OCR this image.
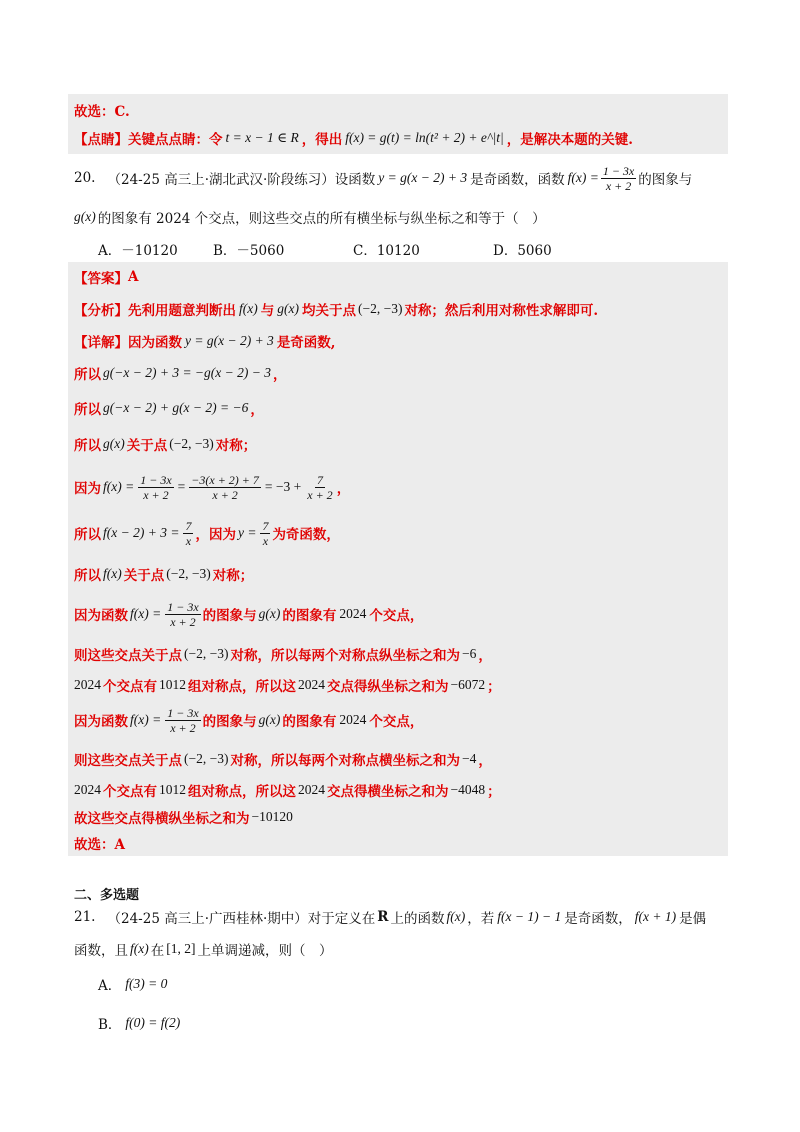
故选：C.
【点睛】 关键点点睛：令 t = x − 1 ∈ R ，得出 f(x) = g(t) = ln(t² + 2) + e^|t| ，是解决本题的关键.
20. （24-25 高三上·湖北武汉·阶段练习）设函数 y = g(x − 2) + 3 是奇函数，函数 $f(x) = \frac{1 - 3x}{x + 2}$ 的图象与
g(x) 的图象有 2024 个交点，则这些交点的所有横坐标与纵坐标之和等于（　）
A．－10120	B．－5060	C．10120	D．5060
【答案】 A
【分析】 先利用题意判断出 f(x) 与 g(x) 均关于点 (−2, −3) 对称；然后利用对称性求解即可.
【详解】 因为函数 y = g(x − 2) + 3 是奇函数,
所以 g(−x − 2) + 3 = −g(x − 2) − 3 ，
所以 g(−x − 2) + g(x − 2) = −6 ，
所以 g(x) 关于点 (−2, −3) 对称；
因为 $f(x) = \frac{1 - 3x}{x + 2} = \frac{-3(x + 2) + 7}{x + 2} = -3 + \frac{7}{x + 2}$ ，
所以 $f(x - 2) + 3 = \frac{7}{x}$ ，因为 $y = \frac{7}{x}$ 为奇函数，
所以 f(x) 关于点 (−2, −3) 对称；
因为函数 $f(x) = \frac{1 - 3x}{x + 2}$ 的图象与 g(x) 的图象有 2024 个交点，
则这些交点关于点 (−2, −3) 对称，所以每两个对称点纵坐标之和为 −6 ，
2024 个交点有 1012 组对称点，所以这 2024 交点得纵坐标之和为 −6072 ；
因为函数 $f(x) = \frac{1 - 3x}{x + 2}$ 的图象与 g(x) 的图象有 2024 个交点，
则这些交点关于点 (−2, −3) 对称，所以每两个对称点横坐标之和为 −4 ，
2024 个交点有 1012 组对称点，所以这 2024 交点得横坐标之和为 −4048 ；
故这些交点得横纵坐标之和为 −10120
故选：A
二、多选题
21. （24-25 高三上·广西桂林·期中）对于定义在 R 上的函数 f(x) ，若 f(x − 1) − 1 是奇函数， f(x + 1) 是偶
函数，且 f(x) 在 [1, 2] 上单调递减，则（　）
A． f(3) = 0
B． f(0) = f(2)
